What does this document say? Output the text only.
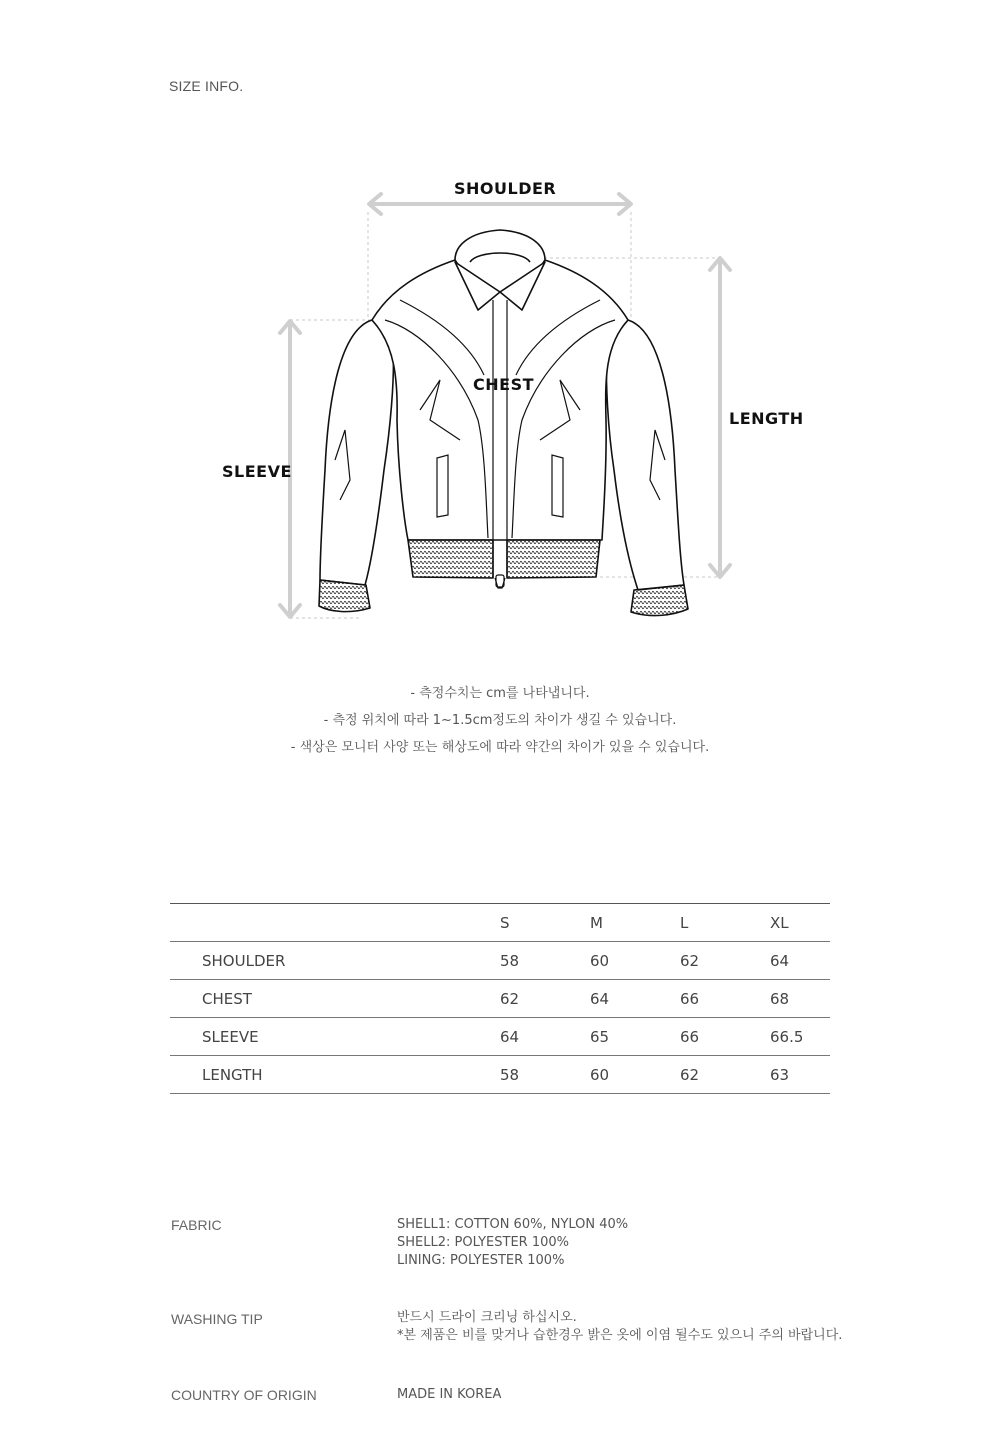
SIZE INFO.
SHOULDER
CHEST
LENGTH
SLEEVE
- 측정수치는 cm를 나타냅니다.
- 측정 위치에 따라 1~1.5cm정도의 차이가 생길 수 있습니다.
- 색상은 모니터 사양 또는 해상도에 따라 약간의 차이가 있을 수 있습니다.
	S	M	L	XL
SHOULDER	58	60	62	64
CHEST	62	64	66	68
SLEEVE	64	65	66	66.5
LENGTH	58	60	62	63
FABRIC	SHELL1: COTTON 60%, NYLON 40%
SHELL2: POLYESTER 100%
LINING: POLYESTER 100%
WASHING TIP	반드시 드라이 크리닝 하십시오.
*본 제품은 비를 맞거나 습한경우 밝은 옷에 이염 될수도 있으니 주의 바랍니다.
COUNTRY OF ORIGIN	MADE IN KOREA
